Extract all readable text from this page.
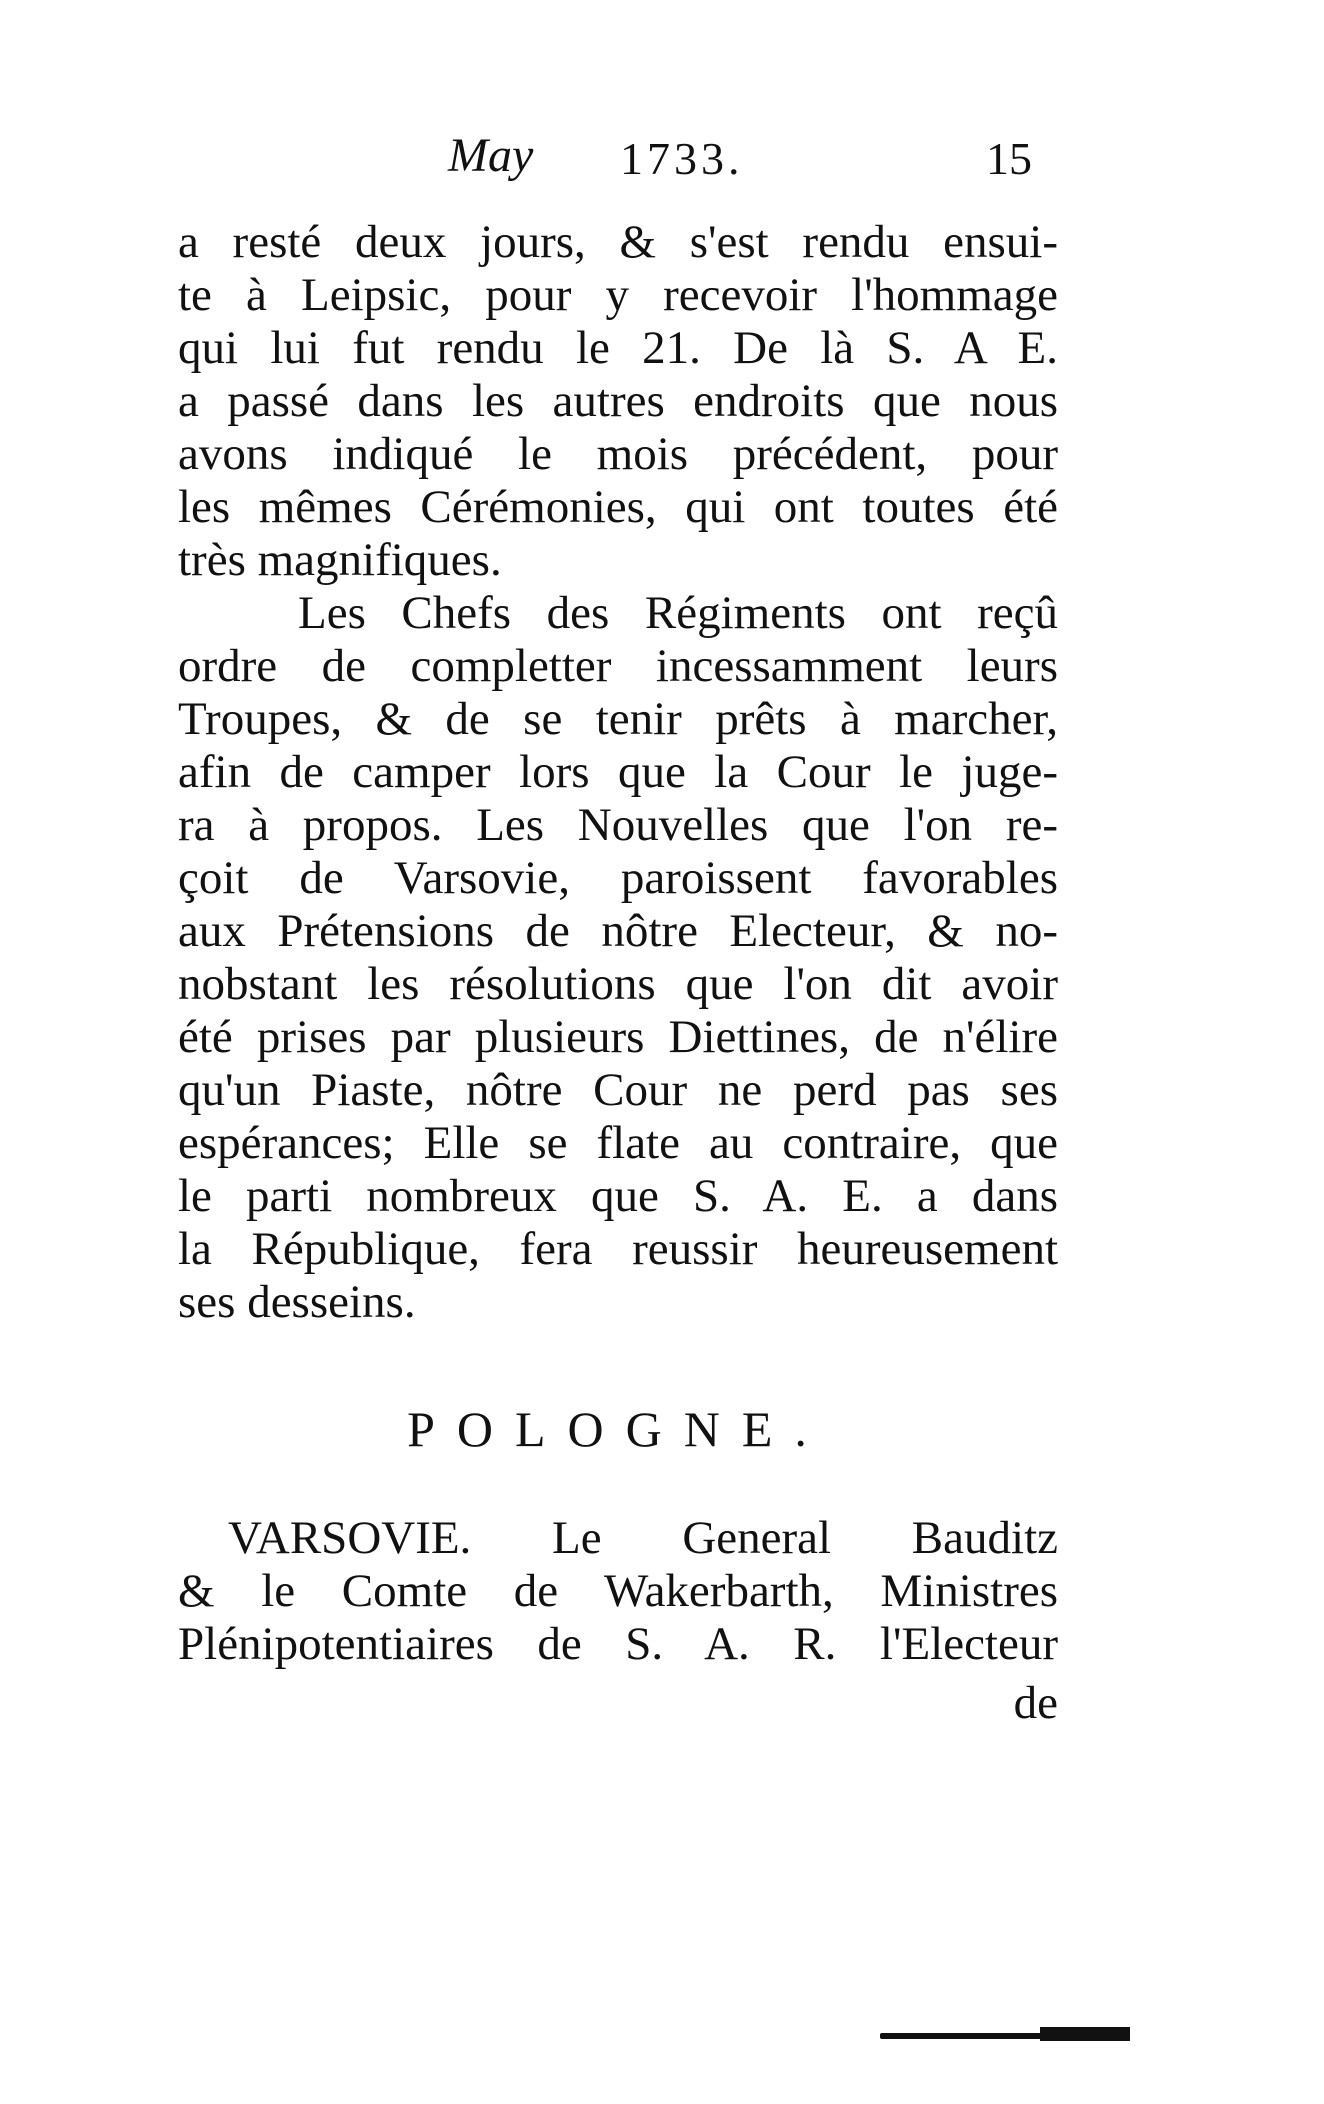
May 1733.	15
a resté deux jours, & s'est rendu ensui-
te à Leipsic, pour y recevoir l'hommage
qui lui fut rendu le 21. De là S. A E.
a passé dans les autres endroits que nous
avons indiqué le mois précédent, pour
les mêmes Cérémonies, qui ont toutes été
très magnifiques.
Les Chefs des Régiments ont reçû
ordre de completter incessamment leurs
Troupes, & de se tenir prêts à marcher,
afin de camper lors que la Cour le juge-
ra à propos. Les Nouvelles que l'on re-
çoit de Varsovie, paroissent favorables
aux Prétensions de nôtre Electeur, & no-
nobstant les résolutions que l'on dit avoir
été prises par plusieurs Diettines, de n'élire
qu'un Piaste, nôtre Cour ne perd pas ses
espérances; Elle se flate au contraire, que
le parti nombreux que S. A. E. a dans
la République, fera reussir heureusement
ses desseins.
POLOGNE.
VARSOVIE. Le General Bauditz
& le Comte de Wakerbarth, Ministres
Plénipotentiaires de S. A. R. l'Electeur
de
